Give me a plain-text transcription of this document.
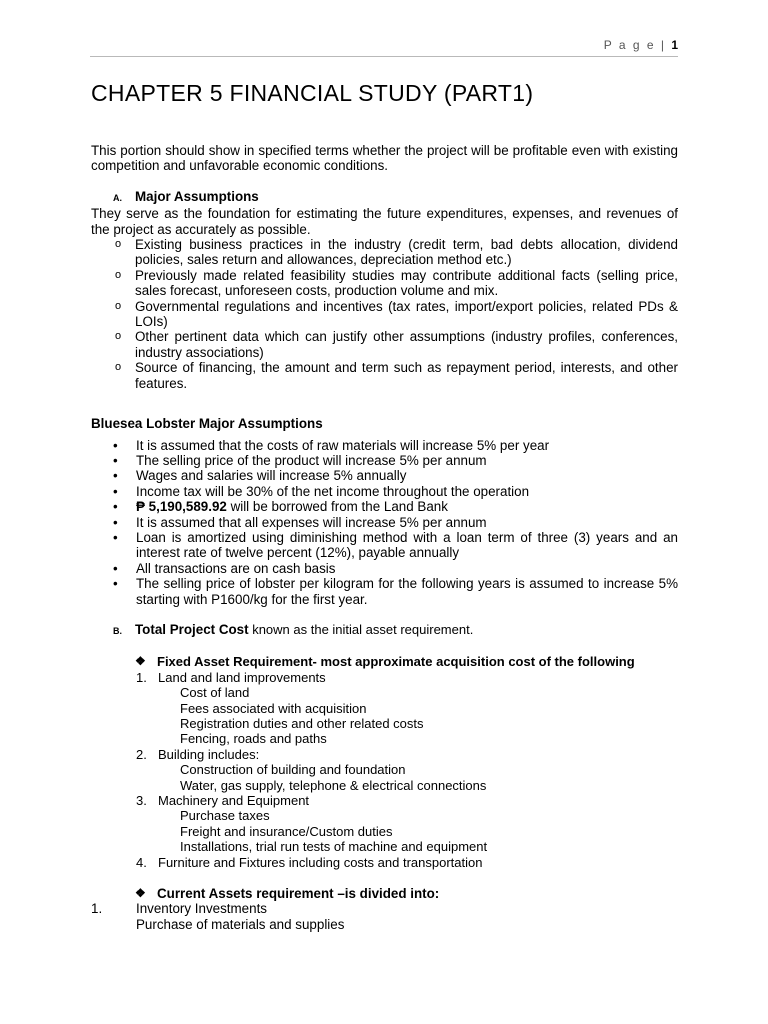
P a g e | 1
CHAPTER 5 FINANCIAL STUDY (PART1)

This portion should show in specified terms whether the project will be profitable even with existing competition and unfavorable economic conditions.

A. Major Assumptions

They serve as the foundation for estimating the future expenditures, expenses, and revenues of the project as accurately as possible.

o Existing business practices in the industry (credit term, bad debts allocation, dividend policies, sales return and allowances, depreciation method etc.)
o Previously made related feasibility studies may contribute additional facts (selling price, sales forecast, unforeseen costs, production volume and mix.
o Governmental regulations and incentives (tax rates, import/export policies, related PDs & LOIs)
o Other pertinent data which can justify other assumptions (industry profiles, conferences, industry associations)
o Source of financing, the amount and term such as repayment period, interests, and other features.

Bluesea Lobster Major Assumptions

• It is assumed that the costs of raw materials will increase 5% per year
• The selling price of the product will increase 5% per annum
• Wages and salaries will increase 5% annually
• Income tax will be 30% of the net income throughout the operation
• ₱ 5,190,589.92 will be borrowed from the Land Bank
• It is assumed that all expenses will increase 5% per annum
• Loan is amortized using diminishing method with a loan term of three (3) years and an interest rate of twelve percent (12%), payable annually
• All transactions are on cash basis
• The selling price of lobster per kilogram for the following years is assumed to increase 5% starting with P1600/kg for the first year.
B. Total Project Cost known as the initial asset requirement.
❖ Fixed Asset Requirement- most approximate acquisition cost of the following
1. Land and land improvements
Cost of land
Fees associated with acquisition
Registration duties and other related costs
Fencing, roads and paths
2. Building includes:
Construction of building and foundation
Water, gas supply, telephone & electrical connections
3. Machinery and Equipment
Purchase taxes
Freight and insurance/Custom duties
Installations, trial run tests of machine and equipment
4. Furniture and Fixtures including costs and transportation
❖ Current Assets requirement –is divided into:
1.	Inventory Investments
Purchase of materials and supplies
